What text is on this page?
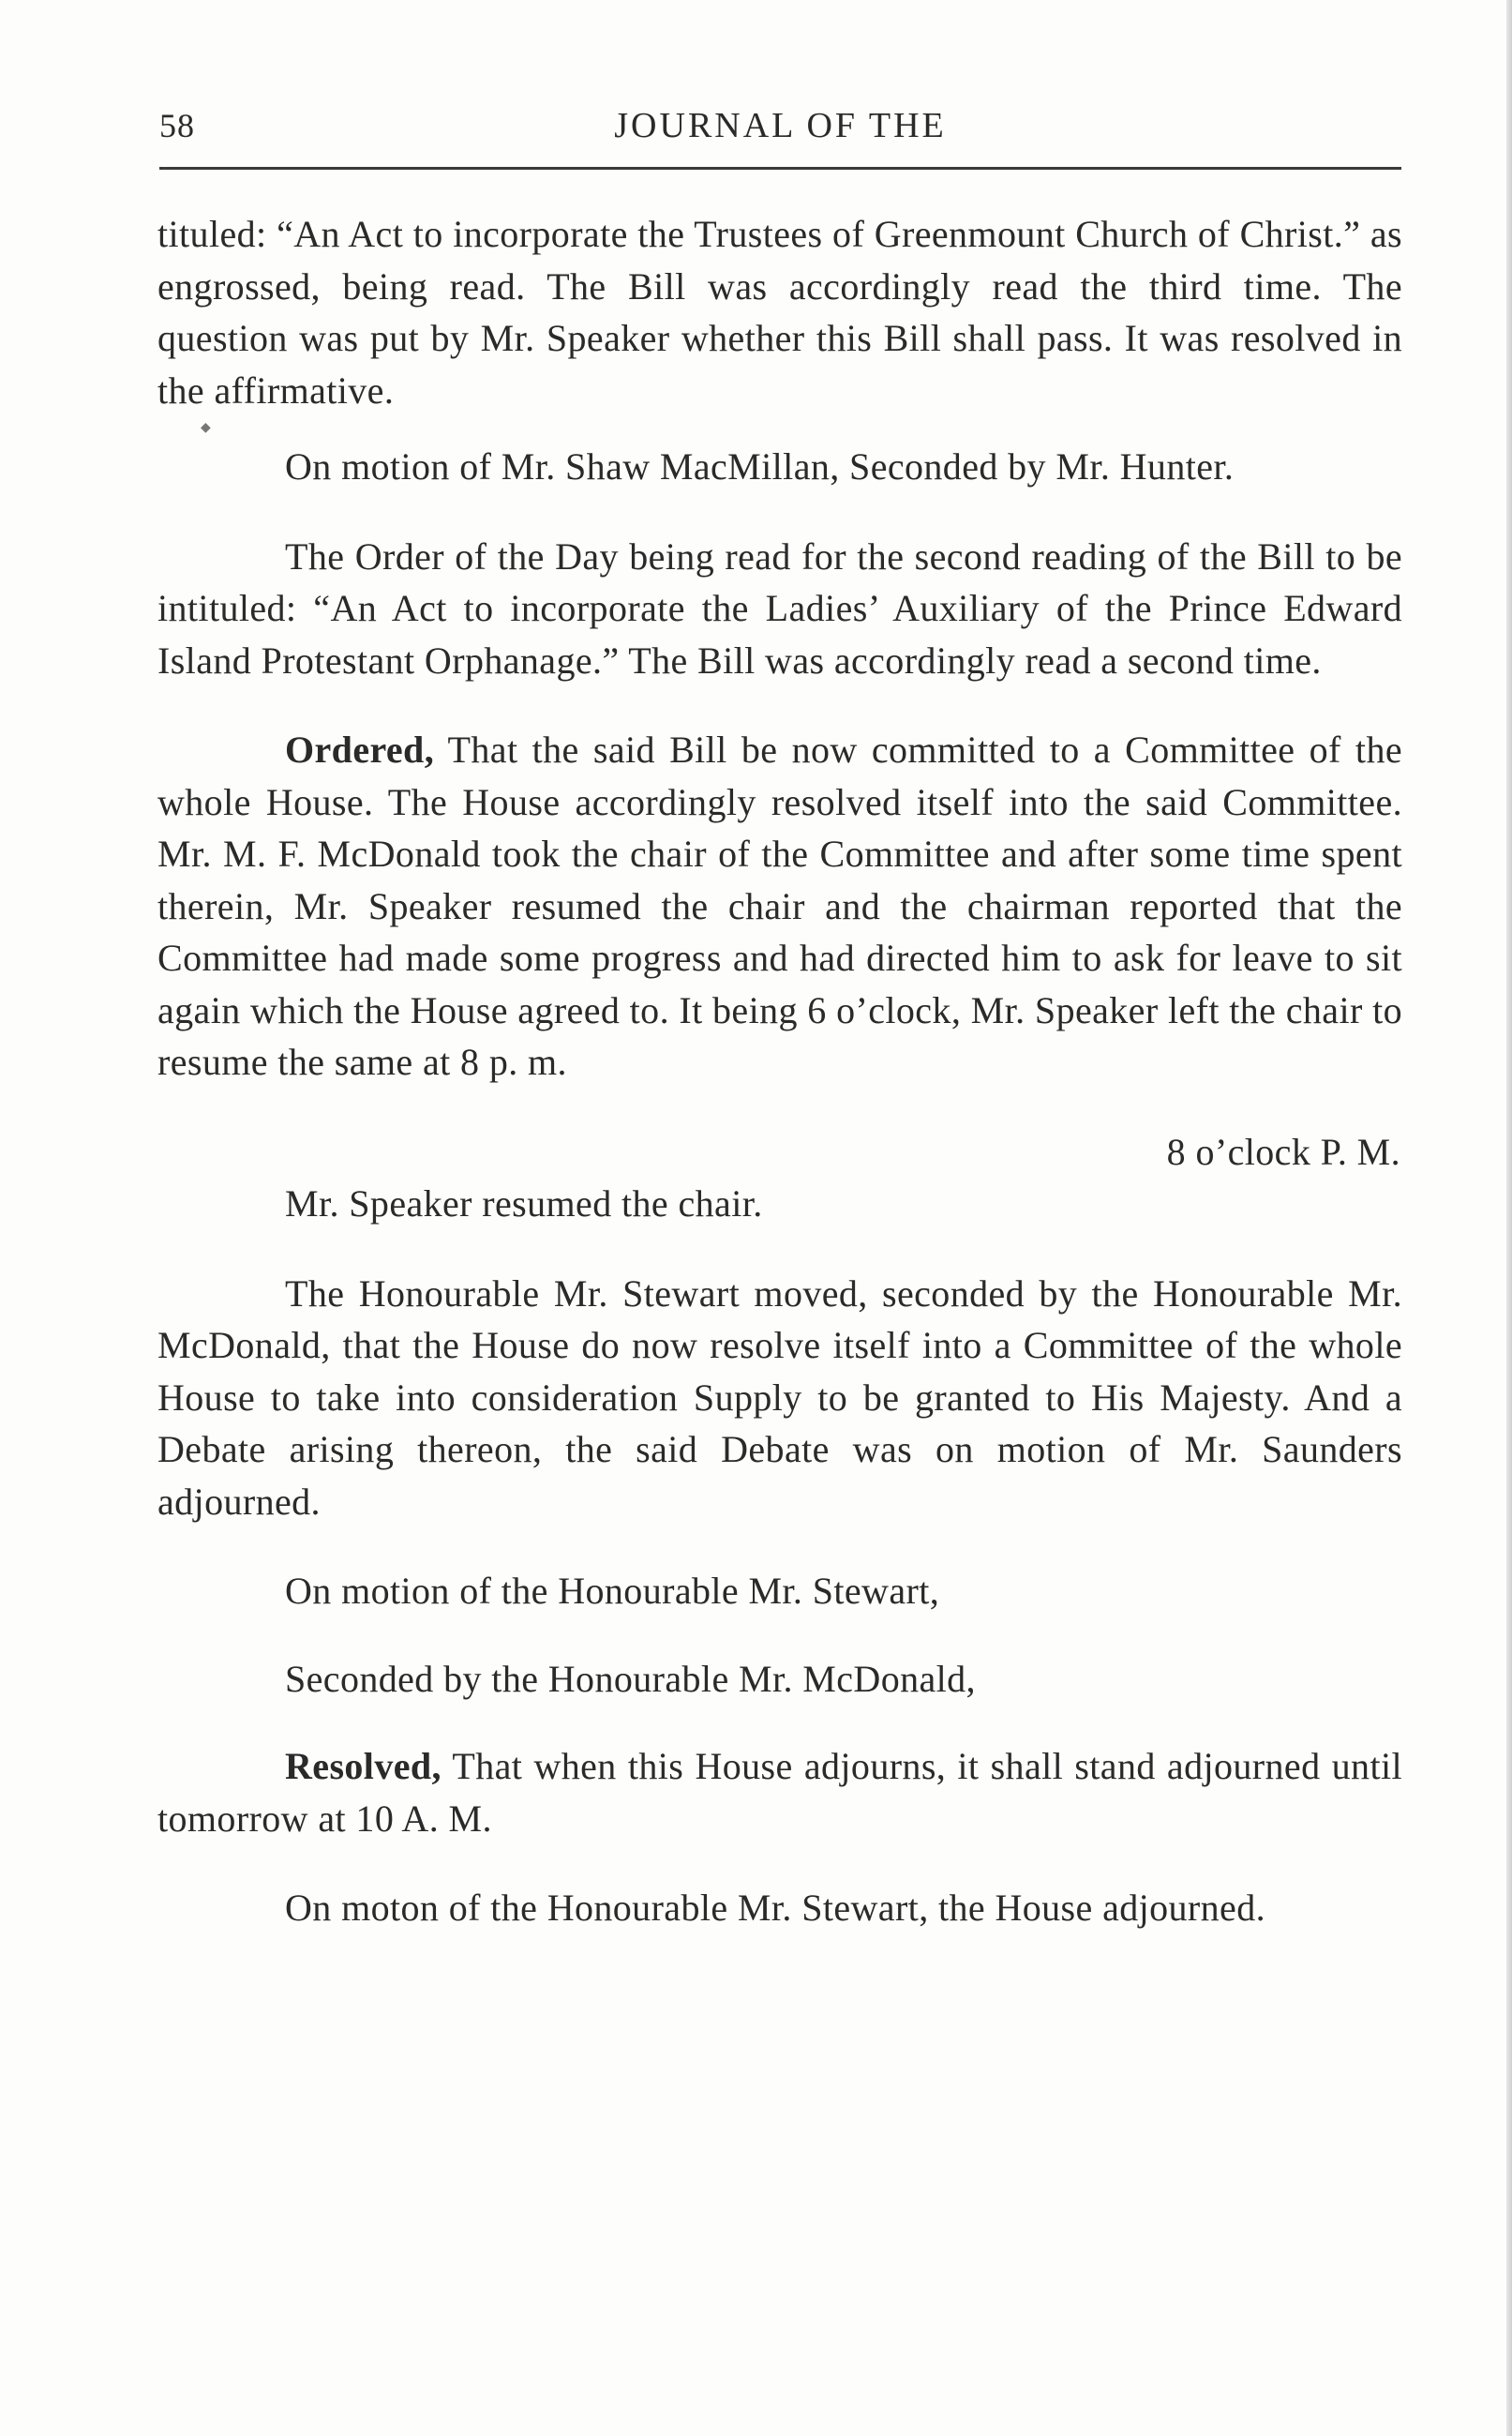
58	JOURNAL OF THE

tituled: “An Act to incorporate the Trustees of Greenmount Church of Christ.” as engrossed, being read. The Bill was accordingly read the third time. The question was put by Mr. Speaker whether this Bill shall pass. It was resolved in the affirmative.

◆

On motion of Mr. Shaw MacMillan, Seconded by Mr. Hunter.

The Order of the Day being read for the second reading of the Bill to be intituled: “An Act to incorporate the Ladies’ Auxiliary of the Prince Edward Island Protestant Orphanage.” The Bill was accordingly read a second time.

Ordered, That the said Bill be now committed to a Committee of the whole House. The House accordingly resolved itself into the said Committee. Mr. M. F. McDonald took the chair of the Committee and after some time spent therein, Mr. Speaker resumed the chair and the chairman reported that the Committee had made some progress and had directed him to ask for leave to sit again which the House agreed to. It being 6 o’clock, Mr. Speaker left the chair to resume the same at 8 p. m.

8 o’clock P. M.

Mr. Speaker resumed the chair.

The Honourable Mr. Stewart moved, seconded by the Honourable Mr. McDonald, that the House do now resolve itself into a Committee of the whole House to take into consideration Supply to be granted to His Majesty. And a Debate arising thereon, the said Debate was on motion of Mr. Saunders adjourned.

On motion of the Honourable Mr. Stewart,

Seconded by the Honourable Mr. McDonald,

Resolved, That when this House adjourns, it shall stand adjourned until tomorrow at 10 A. M.

On moton of the Honourable Mr. Stewart, the House adjourned.
